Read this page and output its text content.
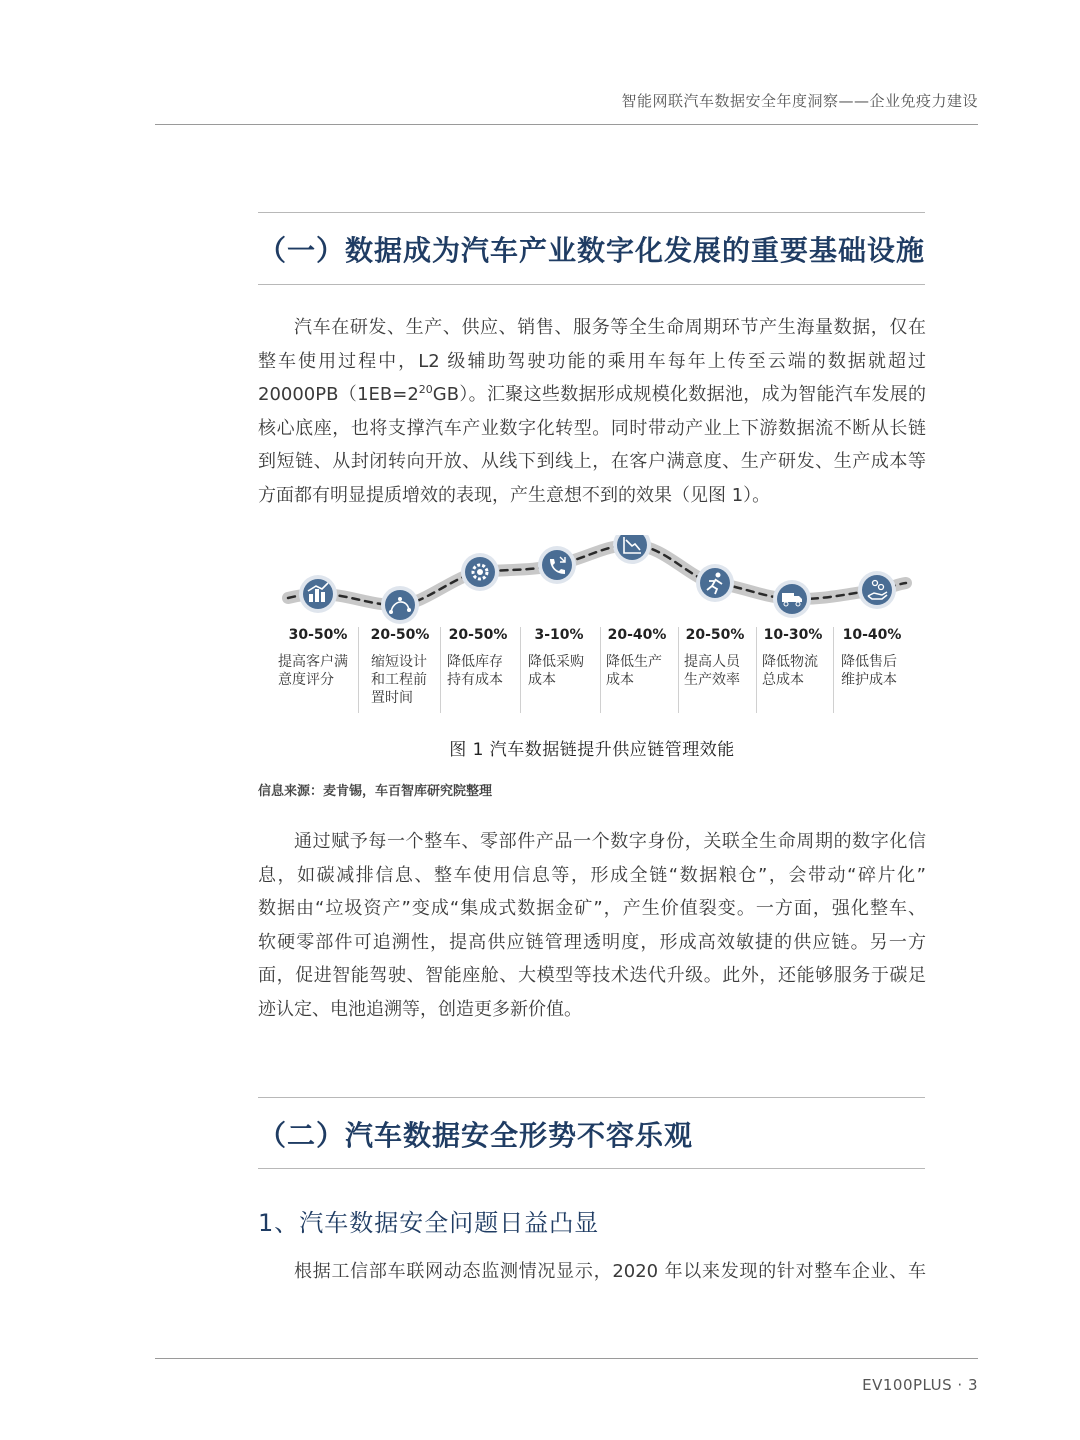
智能网联汽车数据安全年度洞察——企业免疫力建设
（一）数据成为汽车产业数字化发展的重要基础设施

汽车在研发、生产、供应、销售、服务等全生命周期环节产生海量数据，仅在
整车使用过程中，L2 级辅助驾驶功能的乘用车每年上传至云端的数据就超过
$20000PB(1EB=2^{20}GB)$。汇聚这些数据形成规模化数据池，成为智能汽车发展的
核心底座，也将支撑汽车产业数字化转型。同时带动产业上下游数据流不断从长链
到短链、从封闭转向开放、从线下到线上，在客户满意度、生产研发、生产成本等
方面都有明显提质增效的表现，产生意想不到的效果（见图 1）。

30-50%
提高客户满
意度评分
20-50%
缩短设计
和工程前
置时间
20-50%
降低库存
持有成本
3-10%
降低采购
成本
20-40%
降低生产
成本
20-50%
提高人员
生产效率
10-30%
降低物流
总成本
10-40%
降低售后
维护成本
图 1 汽车数据链提升供应链管理效能
信息来源：麦肯锡，车百智库研究院整理

通过赋予每一个整车、零部件产品一个数字身份，关联全生命周期的数字化信
息，如碳减排信息、整车使用信息等，形成全链“数据粮仓”，会带动“碎片化”
数据由“垃圾资产”变成“集成式数据金矿”，产生价值裂变。一方面，强化整车、
软硬零部件可追溯性，提高供应链管理透明度，形成高效敏捷的供应链。另一方
面，促进智能驾驶、智能座舱、大模型等技术迭代升级。此外，还能够服务于碳足
迹认定、电池追溯等，创造更多新价值。

（二）汽车数据安全形势不容乐观
1、汽车数据安全问题日益凸显

根据工信部车联网动态监测情况显示，2020 年以来发现的针对整车企业、车

EV100PLUS · 3
